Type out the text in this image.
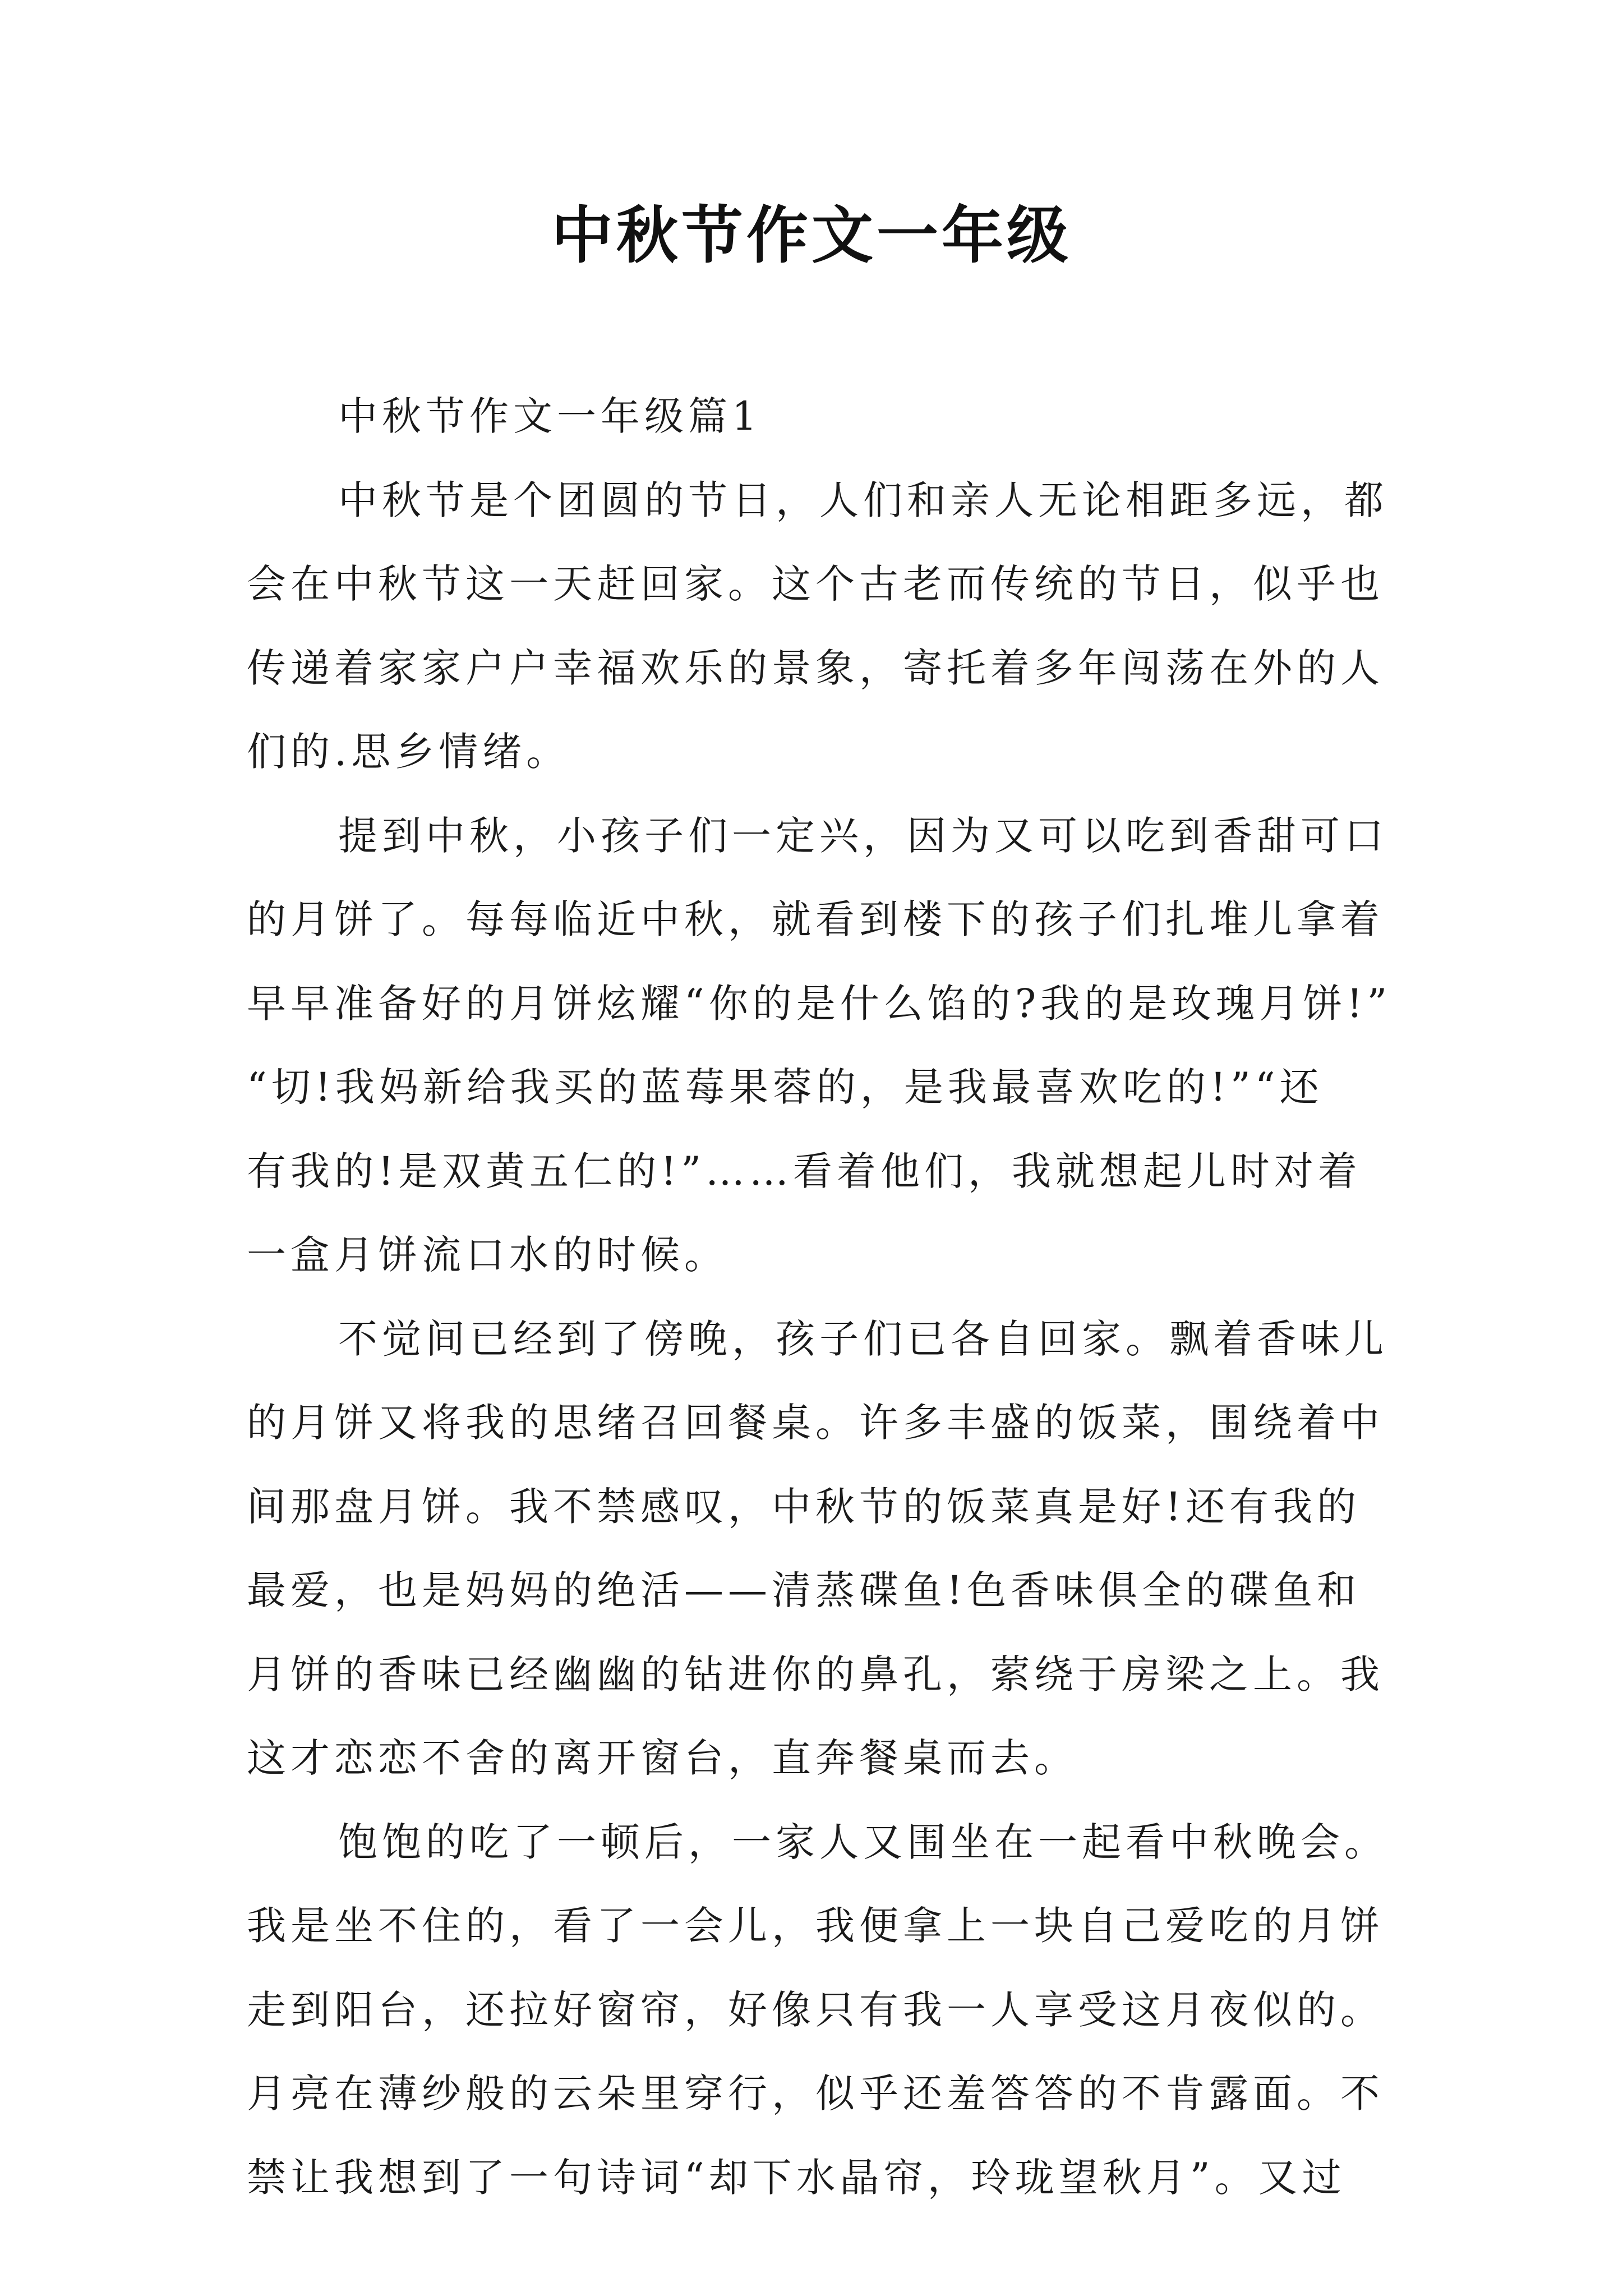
中秋节作文一年级
中秋节作文一年级篇1
中秋节是个团圆的节日，人们和亲人无论相距多远，都
会在中秋节这一天赶回家。这个古老而传统的节日，似乎也
传递着家家户户幸福欢乐的景象，寄托着多年闯荡在外的人
们的.思乡情绪。
提到中秋，小孩子们一定兴，因为又可以吃到香甜可口
的月饼了。每每临近中秋，就看到楼下的孩子们扎堆儿拿着
早早准备好的月饼炫耀“你的是什么馅的?我的是玫瑰月饼!”
“切!我妈新给我买的蓝莓果蓉的，是我最喜欢吃的!”“还
有我的!是双黄五仁的!”……看着他们，我就想起儿时对着
一盒月饼流口水的时候。
不觉间已经到了傍晚，孩子们已各自回家。飘着香味儿
的月饼又将我的思绪召回餐桌。许多丰盛的饭菜，围绕着中
间那盘月饼。我不禁感叹，中秋节的饭菜真是好!还有我的
最爱，也是妈妈的绝活——清蒸碟鱼!色香味俱全的碟鱼和
月饼的香味已经幽幽的钻进你的鼻孔，萦绕于房梁之上。我
这才恋恋不舍的离开窗台，直奔餐桌而去。
饱饱的吃了一顿后，一家人又围坐在一起看中秋晚会。
我是坐不住的，看了一会儿，我便拿上一块自己爱吃的月饼
走到阳台，还拉好窗帘，好像只有我一人享受这月夜似的。
月亮在薄纱般的云朵里穿行，似乎还羞答答的不肯露面。不
禁让我想到了一句诗词“却下水晶帘，玲珑望秋月”。又过
